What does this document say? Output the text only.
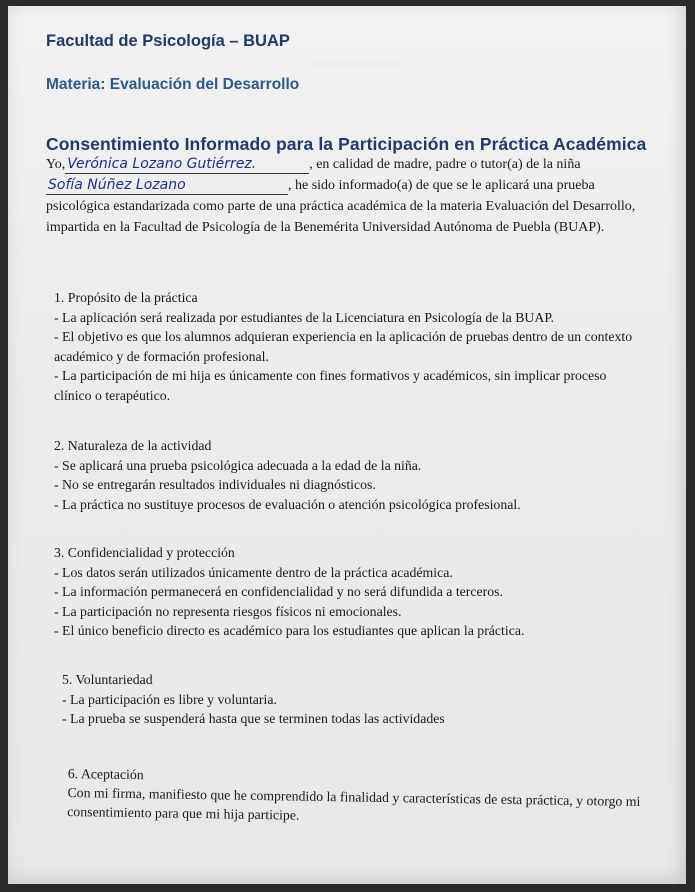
▭▭▭▭▭▭▭▭
Facultad de Psicología – BUAP
Materia: Evaluación del Desarrollo
Consentimiento Informado para la Participación en Práctica Académica
Yo, Verónica Lozano Gutiérrez.	, en calidad de madre, padre o tutor(a) de la niña
Sofía Núñez Lozano	, he sido informado(a) de que se le aplicará una prueba psicológica estandarizada como parte de una práctica académica de la materia Evaluación del Desarrollo, impartida en la Facultad de Psicología de la Benemérita Universidad Autónoma de Puebla (BUAP).
1. Propósito de la práctica
- La aplicación será realizada por estudiantes de la Licenciatura en Psicología de la BUAP.
- El objetivo es que los alumnos adquieran experiencia en la aplicación de pruebas dentro de un contexto académico y de formación profesional.
- La participación de mi hija es únicamente con fines formativos y académicos, sin implicar proceso clínico o terapéutico.
2. Naturaleza de la actividad
- Se aplicará una prueba psicológica adecuada a la edad de la niña.
- No se entregarán resultados individuales ni diagnósticos.
- La práctica no sustituye procesos de evaluación o atención psicológica profesional.
3. Confidencialidad y protección
- Los datos serán utilizados únicamente dentro de la práctica académica.
- La información permanecerá en confidencialidad y no será difundida a terceros.
- La participación no representa riesgos físicos ni emocionales.
- El único beneficio directo es académico para los estudiantes que aplican la práctica.
5. Voluntariedad
- La participación es libre y voluntaria.
- La prueba se suspenderá hasta que se terminen todas las actividades
6. Aceptación
Con mi firma, manifiesto que he comprendido la finalidad y características de esta práctica, y otorgo mi consentimiento para que mi hija participe.
